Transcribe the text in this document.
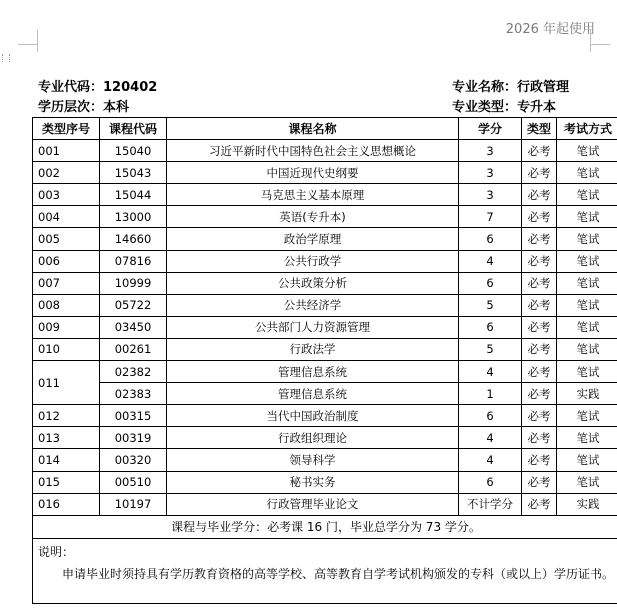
2026 年起使用
专业代码：120402
学历层次：本科
专业名称：行政管理
专业类型：专升本
类型序号	课程代码	课程名称	学分	类型	考试方式
001	15040	习近平新时代中国特色社会主义思想概论	3	必考	笔试
002	15043	中国近现代史纲要	3	必考	笔试
003	15044	马克思主义基本原理	3	必考	笔试
004	13000	英语(专升本)	7	必考	笔试
005	14660	政治学原理	6	必考	笔试
006	07816	公共行政学	4	必考	笔试
007	10999	公共政策分析	6	必考	笔试
008	05722	公共经济学	5	必考	笔试
009	03450	公共部门人力资源管理	6	必考	笔试
010	00261	行政法学	5	必考	笔试
011	02382	管理信息系统	4	必考	笔试
	02383	管理信息系统	1	必考	实践
012	00315	当代中国政治制度	6	必考	笔试
013	00319	行政组织理论	4	必考	笔试
014	00320	领导科学	4	必考	笔试
015	00510	秘书实务	6	必考	笔试
016	10197	行政管理毕业论文	不计学分	必考	实践
课程与毕业学分：必考课 16 门，毕业总学分为 73 学分。					
说明：
申请毕业时须持具有学历教育资格的高等学校、高等教育自学考试机构颁发的专科（或以上）学历证书。					
